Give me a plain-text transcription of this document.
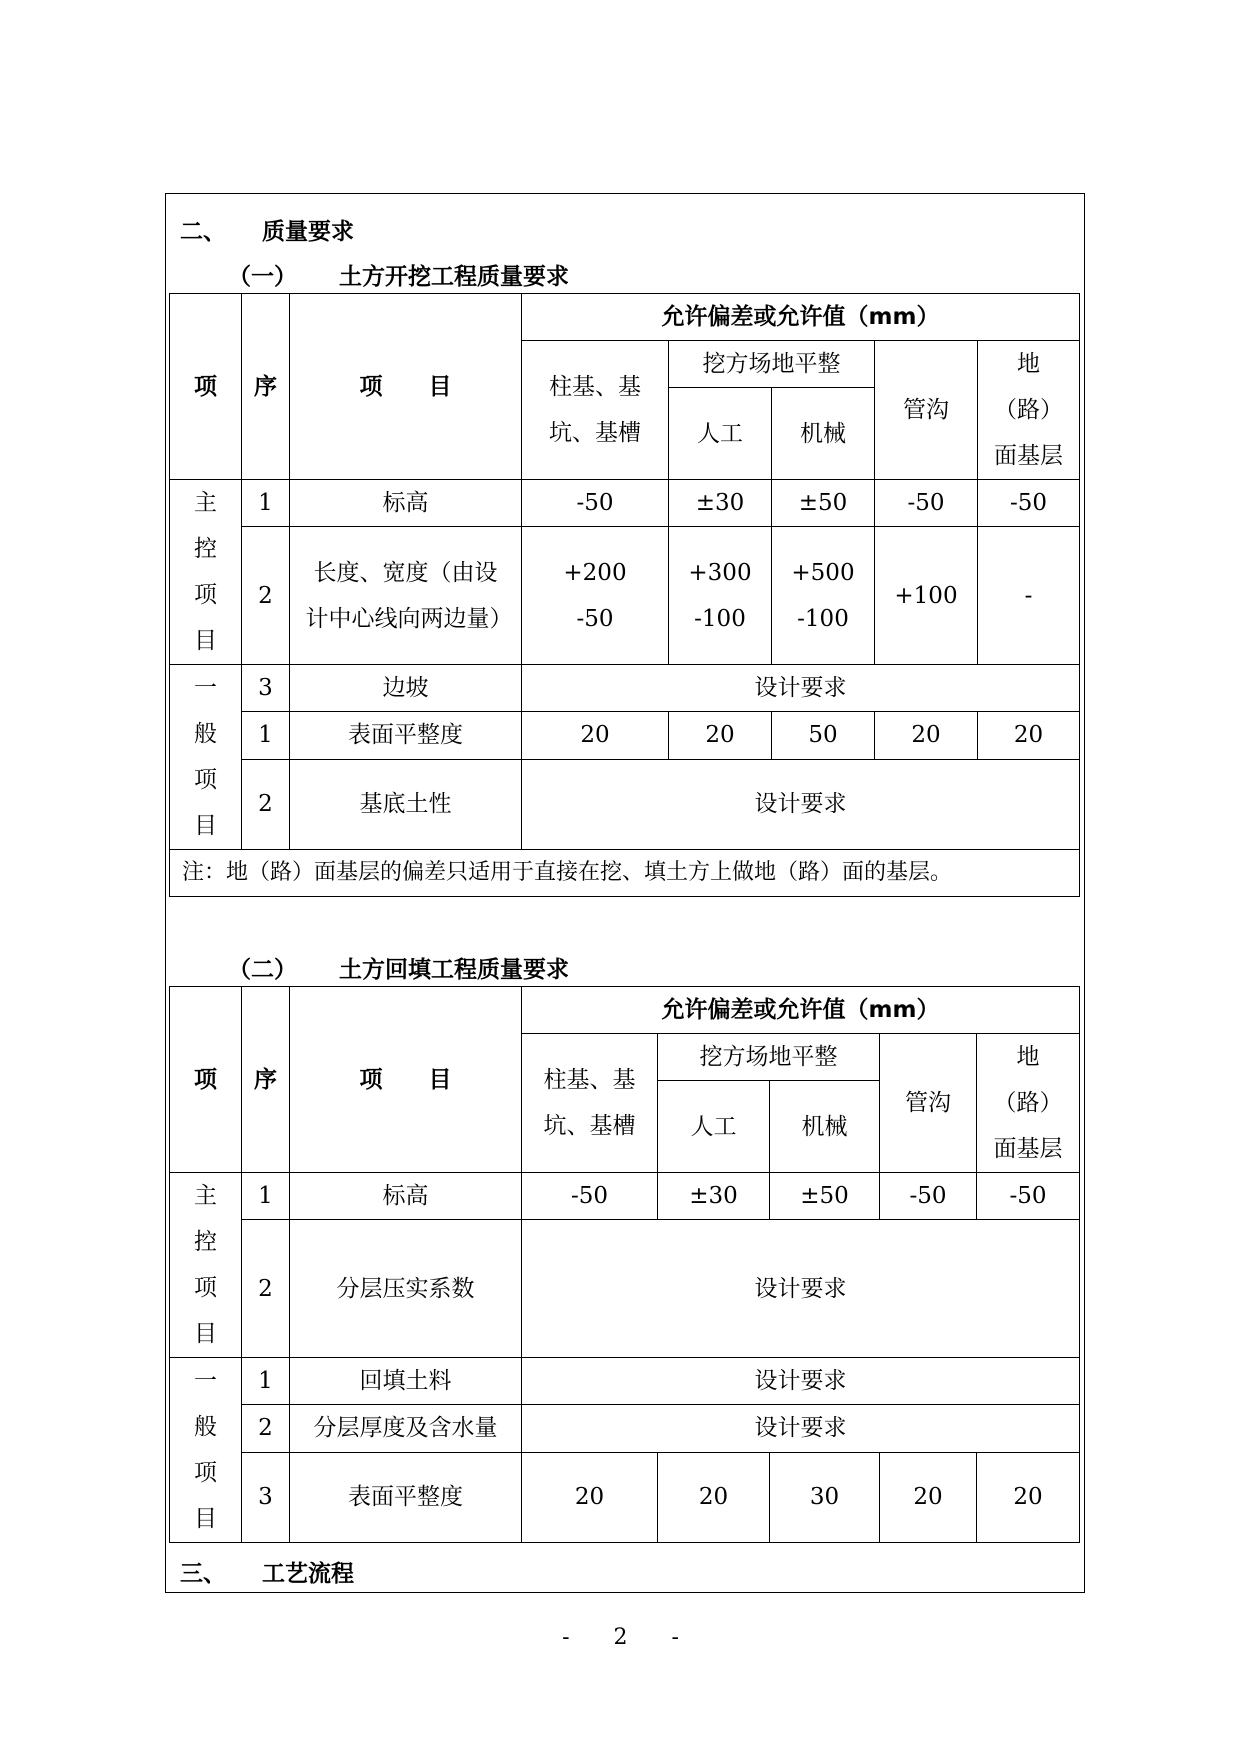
二、 质量要求
（一） 土方开挖工程质量要求
项	序	项　　目	允许偏差或允许值（mm）				

			柱基、基坑、基槽	挖方场地平整		管沟	地（路）面基层

				人工	机械		

主控项目	1	标高	-50	±30	±50	-50	-50
	2	长度、宽度（由设计中心线向两边量）	+200 -50	+300 -100	+500 -100	+100	-

一般项目	3	边坡	设计要求				
	1	表面平整度	20	20	50	20	20
	2	基底土性	设计要求				
注：地（路）面基层的偏差只适用于直接在挖、填土方上做地（路）面的基层。							
（二） 土方回填工程质量要求
项	序	项　　目	允许偏差或允许值（mm）				

			柱基、基坑、基槽	挖方场地平整		管沟	地（路）面基层

				人工	机械		

主控项目	1	标高	-50	±30	±50	-50	-50
	2	分层压实系数	设计要求				

一般项目	1	回填土料	设计要求				
	2	分层厚度及含水量	设计要求				
	3	表面平整度	20	20	30	20	20
三、 工艺流程
- 2 -
